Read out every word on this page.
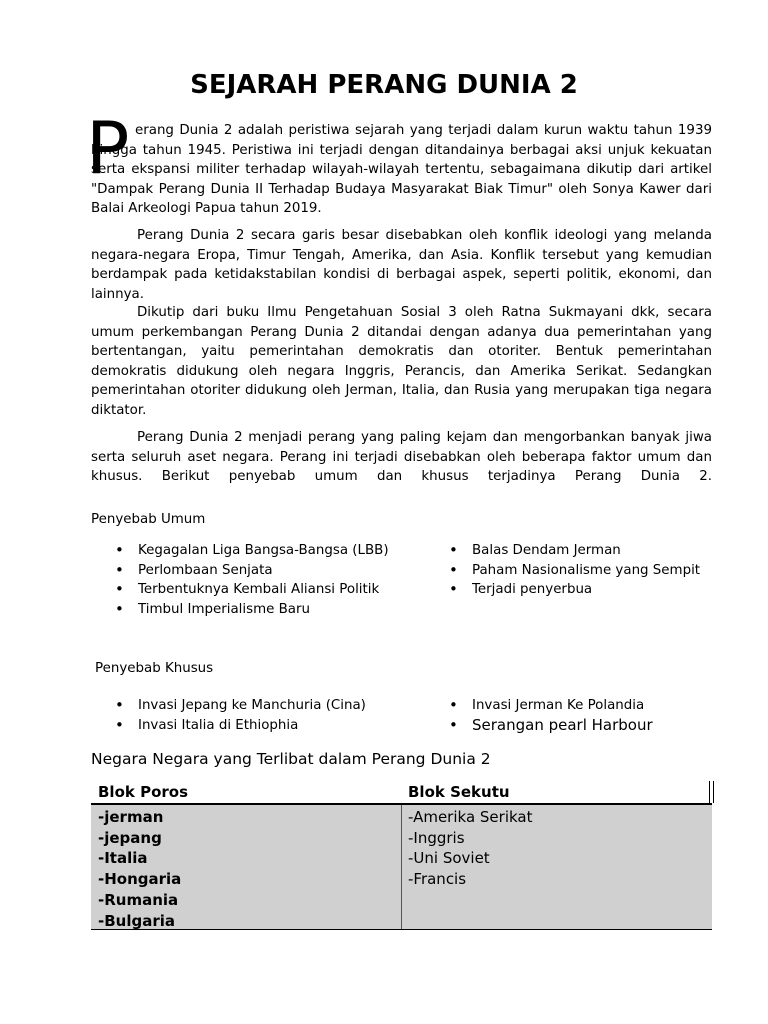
SEJARAH PERANG DUNIA 2
P erang Dunia 2 adalah peristiwa sejarah yang terjadi dalam kurun waktu tahun 1939 hingga tahun 1945. Peristiwa ini terjadi dengan ditandainya berbagai aksi unjuk kekuatan serta ekspansi militer terhadap wilayah-wilayah tertentu, sebagaimana dikutip dari artikel "Dampak Perang Dunia II Terhadap Budaya Masyarakat Biak Timur" oleh Sonya Kawer dari Balai Arkeologi Papua tahun 2019.
Perang Dunia 2 secara garis besar disebabkan oleh konflik ideologi yang melanda negara-negara Eropa, Timur Tengah, Amerika, dan Asia. Konflik tersebut yang kemudian berdampak pada ketidakstabilan kondisi di berbagai aspek, seperti politik, ekonomi, dan lainnya.
Dikutip dari buku Ilmu Pengetahuan Sosial 3 oleh Ratna Sukmayani dkk, secara umum perkembangan Perang Dunia 2 ditandai dengan adanya dua pemerintahan yang bertentangan, yaitu pemerintahan demokratis dan otoriter. Bentuk pemerintahan demokratis didukung oleh negara Inggris, Perancis, dan Amerika Serikat. Sedangkan pemerintahan otoriter didukung oleh Jerman, Italia, dan Rusia yang merupakan tiga negara diktator.
Perang Dunia 2 menjadi perang yang paling kejam dan mengorbankan banyak jiwa serta seluruh aset negara. Perang ini terjadi disebabkan oleh beberapa faktor umum dan khusus. Berikut penyebab umum dan khusus terjadinya Perang Dunia 2.
Penyebab Umum
• Kegagalan Liga Bangsa-Bangsa (LBB)
• Perlombaan Senjata
• Terbentuknya Kembali Aliansi Politik
• Timbul Imperialisme Baru
• Balas Dendam Jerman
• Paham Nasionalisme yang Sempit
• Terjadi penyerbua
Penyebab Khusus
• Invasi Jepang ke Manchuria (Cina)
• Invasi Italia di Ethiophia
• Invasi Jerman Ke Polandia
• Serangan pearl Harbour
Negara Negara yang Terlibat dalam Perang Dunia 2
Blok Poros	Blok Sekutu
-jerman
-jepang
-Italia
-Hongaria
-Rumania
-Bulgaria
-Amerika Serikat
-Inggris
-Uni Soviet
-Francis
